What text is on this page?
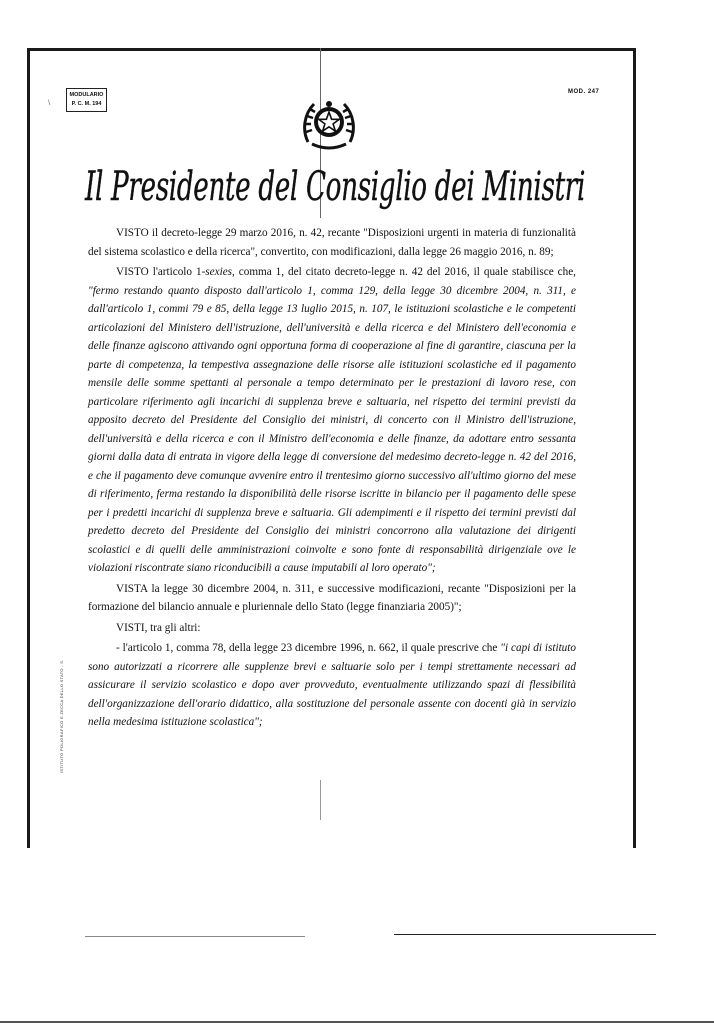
\
MODULARIO
P. C. M. 194
MOD. 247
Il Presidente del Consiglio dei Ministri

VISTO il decreto-legge 29 marzo 2016, n. 42, recante "Disposizioni urgenti in materia di funzionalità del sistema scolastico e della ricerca", convertito, con modificazioni, dalla legge 26 maggio 2016, n. 89;

VISTO l'articolo 1-sexies, comma 1, del citato decreto-legge n. 42 del 2016, il quale stabilisce che, "fermo restando quanto disposto dall'articolo 1, comma 129, della legge 30 dicembre 2004, n. 311, e dall'articolo 1, commi 79 e 85, della legge 13 luglio 2015, n. 107, le istituzioni scolastiche e le competenti articolazioni del Ministero dell'istruzione, dell'università e della ricerca e del Ministero dell'economia e delle finanze agiscono attivando ogni opportuna forma di cooperazione al fine di garantire, ciascuna per la parte di competenza, la tempestiva assegnazione delle risorse alle istituzioni scolastiche ed il pagamento mensile delle somme spettanti al personale a tempo determinato per le prestazioni di lavoro rese, con particolare riferimento agli incarichi di supplenza breve e saltuaria, nel rispetto dei termini previsti da apposito decreto del Presidente del Consiglio dei ministri, di concerto con il Ministro dell'istruzione, dell'università e della ricerca e con il Ministro dell'economia e delle finanze, da adottare entro sessanta giorni dalla data di entrata in vigore della legge di conversione del medesimo decreto-legge n. 42 del 2016, e che il pagamento deve comunque avvenire entro il trentesimo giorno successivo all'ultimo giorno del mese di riferimento, ferma restando la disponibilità delle risorse iscritte in bilancio per il pagamento delle spese per i predetti incarichi di supplenza breve e saltuaria. Gli adempimenti e il rispetto dei termini previsti dal predetto decreto del Presidente del Consiglio dei ministri concorrono alla valutazione dei dirigenti scolastici e di quelli delle amministrazioni coinvolte e sono fonte di responsabilità dirigenziale ove le violazioni riscontrate siano riconducibili a cause imputabili al loro operato";

VISTA la legge 30 dicembre 2004, n. 311, e successive modificazioni, recante "Disposizioni per la formazione del bilancio annuale e pluriennale dello Stato (legge finanziaria 2005)";

VISTI, tra gli altri:

- l'articolo 1, comma 78, della legge 23 dicembre 1996, n. 662, il quale prescrive che "i capi di istituto sono autorizzati a ricorrere alle supplenze brevi e saltuarie solo per i tempi strettamente necessari ad assicurare il servizio scolastico e dopo aver provveduto, eventualmente utilizzando spazi di flessibilità dell'organizzazione dell'orario didattico, alla sostituzione del personale assente con docenti già in servizio nella medesima istituzione scolastica";

ISTITUTO POLIGRAFICO E ZECCA DELLO STATO - S.
